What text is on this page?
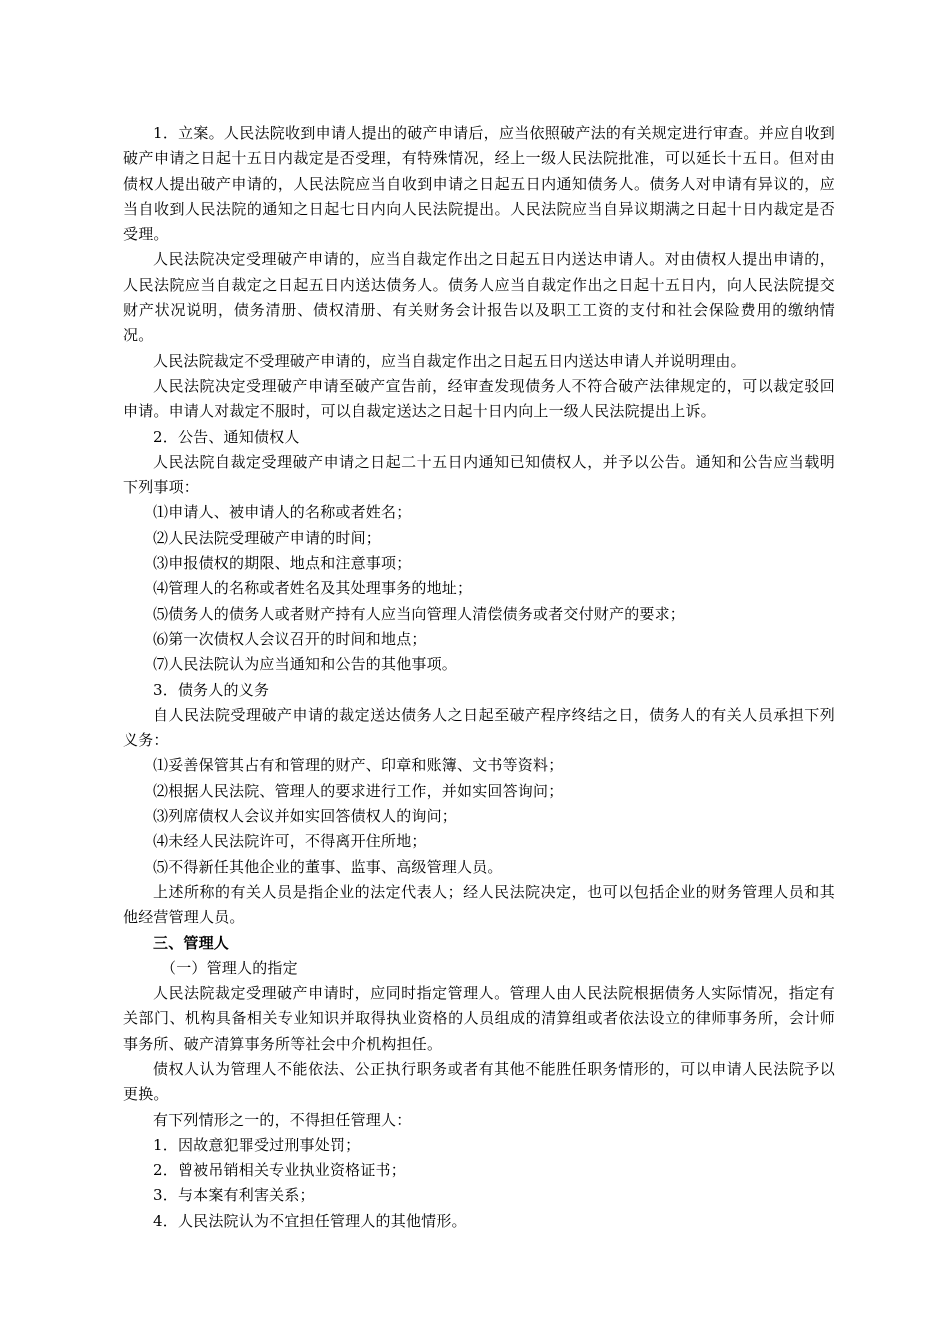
1．立案。人民法院收到申请人提出的破产申请后，应当依照破产法的有关规定进行审查。并应自收到破产申请之日起十五日内裁定是否受理，有特殊情况，经上一级人民法院批准，可以延长十五日。但对由债权人提出破产申请的，人民法院应当自收到申请之日起五日内通知债务人。债务人对申请有异议的，应当自收到人民法院的通知之日起七日内向人民法院提出。人民法院应当自异议期满之日起十日内裁定是否受理。

人民法院决定受理破产申请的，应当自裁定作出之日起五日内送达申请人。对由债权人提出申请的，人民法院应当自裁定之日起五日内送达债务人。债务人应当自裁定作出之日起十五日内，向人民法院提交财产状况说明，债务清册、债权清册、有关财务会计报告以及职工工资的支付和社会保险费用的缴纳情况。

人民法院裁定不受理破产申请的，应当自裁定作出之日起五日内送达申请人并说明理由。

人民法院决定受理破产申请至破产宣告前，经审查发现债务人不符合破产法律规定的，可以裁定驳回申请。申请人对裁定不服时，可以自裁定送达之日起十日内向上一级人民法院提出上诉。

2．公告、通知债权人

人民法院自裁定受理破产申请之日起二十五日内通知已知债权人，并予以公告。通知和公告应当载明下列事项：

⑴申请人、被申请人的名称或者姓名；

⑵人民法院受理破产申请的时间；

⑶申报债权的期限、地点和注意事项；

⑷管理人的名称或者姓名及其处理事务的地址；

⑸债务人的债务人或者财产持有人应当向管理人清偿债务或者交付财产的要求；

⑹第一次债权人会议召开的时间和地点；

⑺人民法院认为应当通知和公告的其他事项。

3．债务人的义务

自人民法院受理破产申请的裁定送达债务人之日起至破产程序终结之日，债务人的有关人员承担下列义务：

⑴妥善保管其占有和管理的财产、印章和账簿、文书等资料；

⑵根据人民法院、管理人的要求进行工作，并如实回答询问；

⑶列席债权人会议并如实回答债权人的询问；

⑷未经人民法院许可，不得离开住所地；

⑸不得新任其他企业的董事、监事、高级管理人员。

上述所称的有关人员是指企业的法定代表人；经人民法院决定，也可以包括企业的财务管理人员和其他经营管理人员。

三、管理人

（一）管理人的指定

人民法院裁定受理破产申请时，应同时指定管理人。管理人由人民法院根据债务人实际情况，指定有关部门、机构具备相关专业知识并取得执业资格的人员组成的清算组或者依法设立的律师事务所，会计师事务所、破产清算事务所等社会中介机构担任。

债权人认为管理人不能依法、公正执行职务或者有其他不能胜任职务情形的，可以申请人民法院予以更换。

有下列情形之一的，不得担任管理人：

1．因故意犯罪受过刑事处罚；

2．曾被吊销相关专业执业资格证书；

3．与本案有利害关系；

4．人民法院认为不宜担任管理人的其他情形。
